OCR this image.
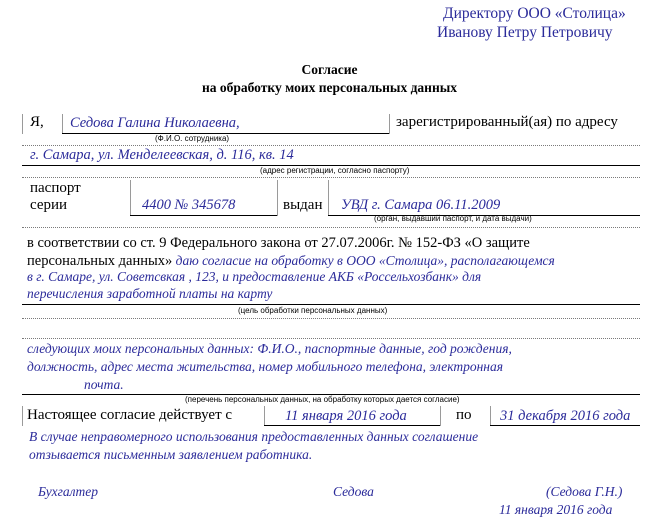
Директору ООО «Столица»
Иванову Петру Петровичу
Согласие
на обработку моих персональных данных
Я, Седова Галина Николаевна,	зарегистрированный(ая) по адресу
(Ф.И.О. сотрудника)
г. Самара, ул. Менделеевская, д. 116, кв. 14
(адрес регистрации, согласно паспорту)
паспорт
серии	4400 № 345678	выдан УВД г. Самара 06.11.2009
(орган, выдавший паспорт, и дата выдачи)
в соответствии со ст. 9 Федерального закона от 27.07.2006г. № 152-ФЗ «О защите
персональных данных» даю согласие на обработку в ООО «Столица», располагающемся
в г. Самаре, ул. Советсвкая , 123, и предоставление АКБ «Россельхозбанк» для
перечисления заработной платы на карту
(цель обработки персональных данных)
следующих моих персональных данных: Ф.И.О., паспортные данные, год рождения,
должность, адрес места жительства, номер мобильного телефона, электронная
почта.
(перечень персональных данных, на обработку которых дается согласие)
Настоящее согласие действует с	11 января 2016 года	по 31 декабря 2016 года
В случае неправомерного использования предоставленных данных соглашение
отзывается письменным заявлением работника.
Бухгалтер	Седова	(Седова Г.Н.)
11 января 2016 года
